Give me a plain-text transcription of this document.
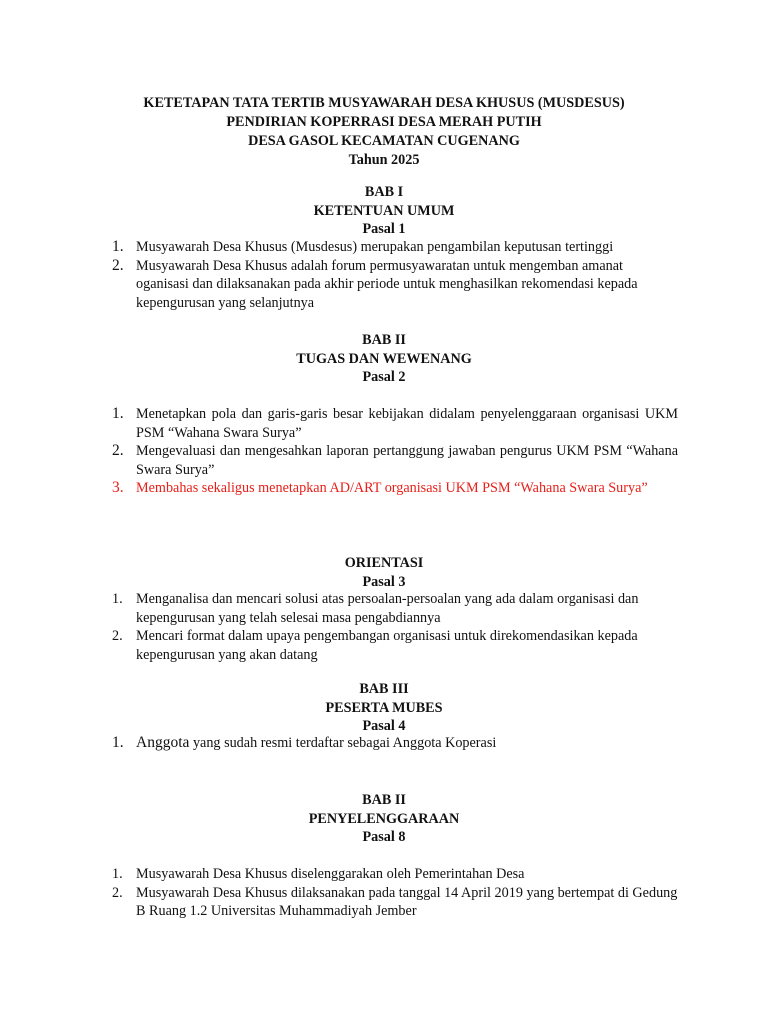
KETETAPAN TATA TERTIB MUSYAWARAH DESA KHUSUS (MUSDESUS)
PENDIRIAN KOPERRASI DESA MERAH PUTIH
DESA GASOL KECAMATAN CUGENANG
Tahun 2025
BAB I
KETENTUAN UMUM
Pasal 1
1. Musyawarah Desa Khusus (Musdesus) merupakan pengambilan keputusan tertinggi
2. Musyawarah Desa Khusus adalah forum permusyawaratan untuk mengemban amanat oganisasi dan dilaksanakan pada akhir periode untuk menghasilkan rekomendasi kepada kepengurusan yang selanjutnya
BAB II
TUGAS DAN WEWENANG
Pasal 2
1. Menetapkan pola dan garis-garis besar kebijakan didalam penyelenggaraan organisasi UKM PSM “Wahana Swara Surya”
2. Mengevaluasi dan mengesahkan laporan pertanggung jawaban pengurus UKM PSM “Wahana Swara Surya”
3. Membahas sekaligus menetapkan AD/ART organisasi UKM PSM “Wahana Swara Surya”
ORIENTASI
Pasal 3
1. Menganalisa dan mencari solusi atas persoalan-persoalan yang ada dalam organisasi dan kepengurusan yang telah selesai masa pengabdiannya
2. Mencari format dalam upaya pengembangan organisasi untuk direkomendasikan kepada kepengurusan yang akan datang
BAB III
PESERTA MUBES
Pasal 4
1. Anggota yang sudah resmi terdaftar sebagai Anggota Koperasi
BAB II
PENYELENGGARAAN
Pasal 8
1. Musyawarah Desa Khusus diselenggarakan oleh Pemerintahan Desa
2. Musyawarah Desa Khusus dilaksanakan pada tanggal 14 April 2019 yang bertempat di Gedung B Ruang 1.2 Universitas Muhammadiyah Jember
